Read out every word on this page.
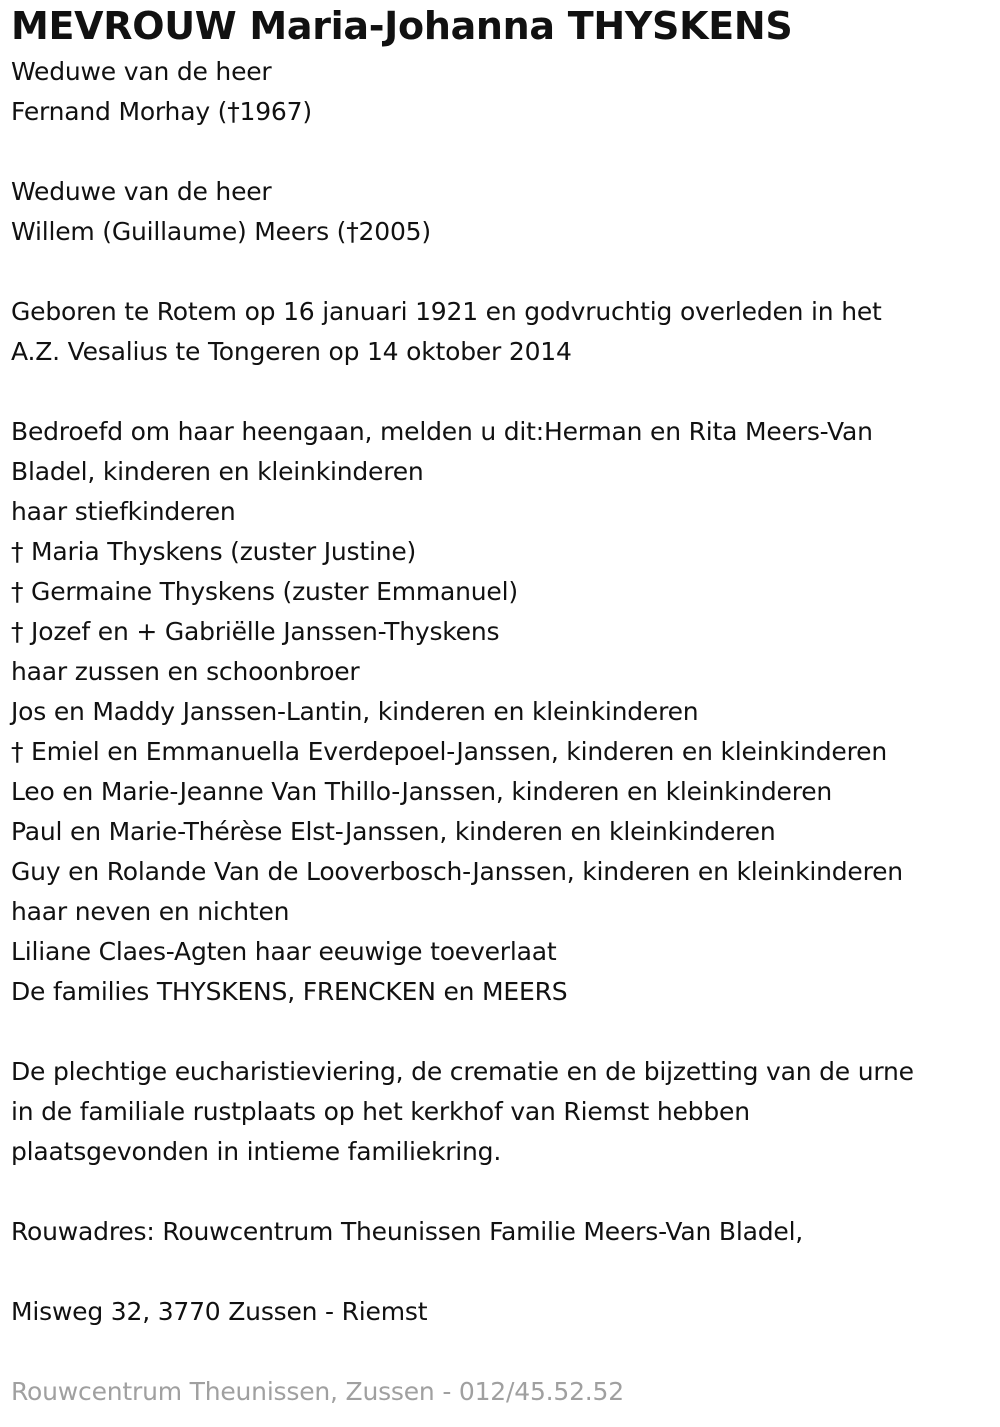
MEVROUW Maria-Johanna THYSKENS
Weduwe van de heer
Fernand Morhay (†1967)
Weduwe van de heer
Willem (Guillaume) Meers (†2005)
Geboren te Rotem op 16 januari 1921 en godvruchtig overleden in het
A.Z. Vesalius te Tongeren op 14 oktober 2014
Bedroefd om haar heengaan, melden u dit:Herman en Rita Meers-Van
Bladel, kinderen en kleinkinderen
haar stiefkinderen
† Maria Thyskens (zuster Justine)
† Germaine Thyskens (zuster Emmanuel)
† Jozef en + Gabriëlle Janssen-Thyskens
haar zussen en schoonbroer
Jos en Maddy Janssen-Lantin, kinderen en kleinkinderen
† Emiel en Emmanuella Everdepoel-Janssen, kinderen en kleinkinderen
Leo en Marie-Jeanne Van Thillo-Janssen, kinderen en kleinkinderen
Paul en Marie-Thérèse Elst-Janssen, kinderen en kleinkinderen
Guy en Rolande Van de Looverbosch-Janssen, kinderen en kleinkinderen
haar neven en nichten
Liliane Claes-Agten haar eeuwige toeverlaat
De families THYSKENS, FRENCKEN en MEERS
De plechtige eucharistieviering, de crematie en de bijzetting van de urne
in de familiale rustplaats op het kerkhof van Riemst hebben
plaatsgevonden in intieme familiekring.
Rouwadres: Rouwcentrum Theunissen Familie Meers-Van Bladel,
Misweg 32, 3770 Zussen - Riemst
Rouwcentrum Theunissen, Zussen - 012/45.52.52
